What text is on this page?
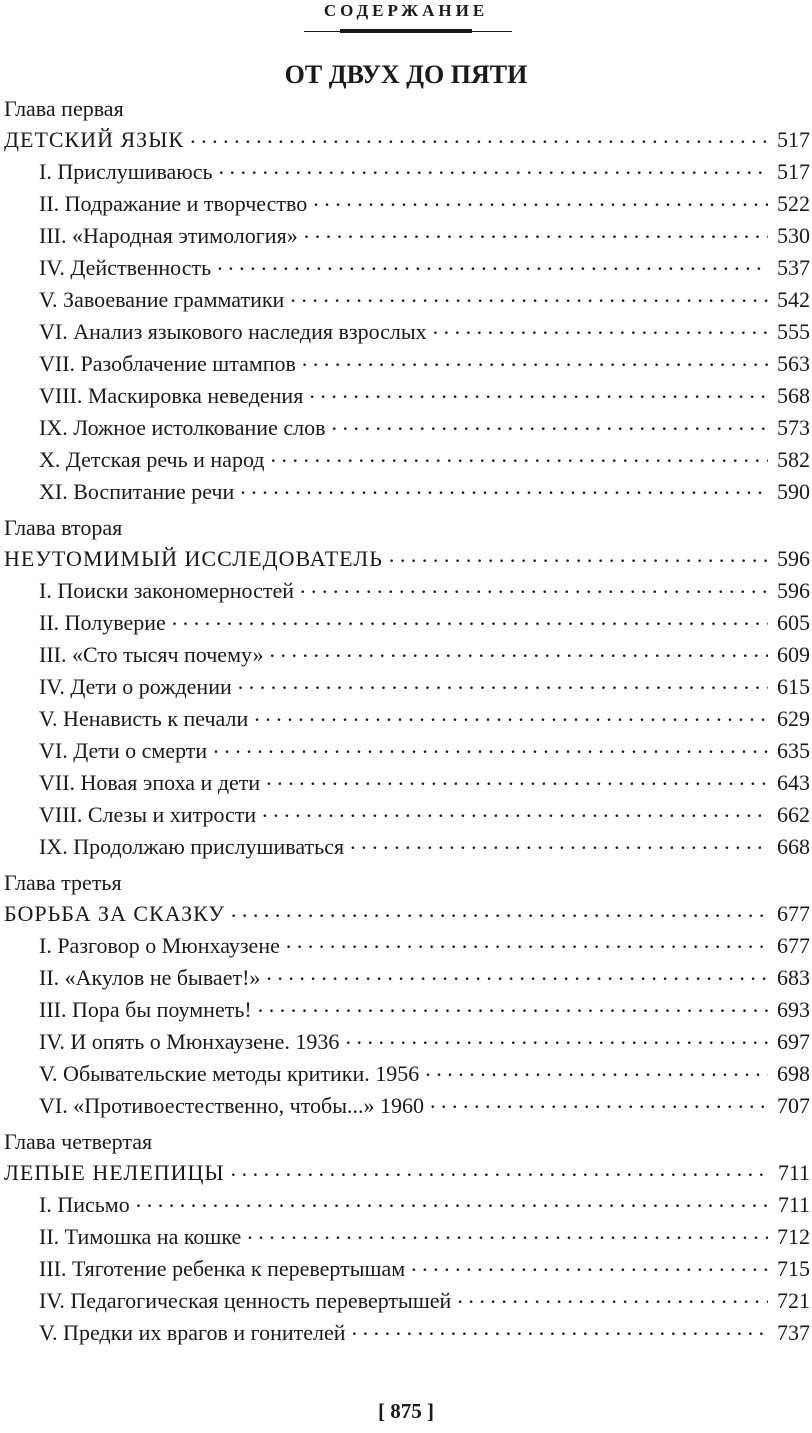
СОДЕРЖАНИЕ
ОТ ДВУХ ДО ПЯТИ
Глава первая
ДЕТСКИЙ ЯЗЫК . . .	517
I. Прислушиваюсь . . .	517
II. Подражание и творчество . . .	522
III. «Народная этимология» . . .	530
IV. Действенность . . .	537
V. Завоевание грамматики . . .	542
VI. Анализ языкового наследия взрослых . . .	555
VII. Разоблачение штампов . . .	563
VIII. Маскировка неведения . . .	568
IX. Ложное истолкование слов . . .	573
X. Детская речь и народ . . .	582
XI. Воспитание речи . . .	590
Глава вторая
НЕУТОМИМЫЙ ИССЛЕДОВАТЕЛЬ . . .	596
I. Поиски закономерностей . . .	596
II. Полуверие . . .	605
III. «Сто тысяч почему» . . .	609
IV. Дети о рождении . . .	615
V. Ненависть к печали . . .	629
VI. Дети о смерти . . .	635
VII. Новая эпоха и дети . . .	643
VIII. Слезы и хитрости . . .	662
IX. Продолжаю прислушиваться . . .	668
Глава третья
БОРЬБА ЗА СКАЗКУ . . .	677
I. Разговор о Мюнхаузене . . .	677
II. «Акулов не бывает!» . . .	683
III. Пора бы поумнеть! . . .	693
IV. И опять о Мюнхаузене. 1936 . . .	697
V. Обывательские методы критики. 1956 . . .	698
VI. «Противоестественно, чтобы...» 1960 . . .	707
Глава четвертая
ЛЕПЫЕ НЕЛЕПИЦЫ . . .	711
I. Письмо . . .	711
II. Тимошка на кошке . . .	712
III. Тяготение ребенка к перевертышам . . .	715
IV. Педагогическая ценность перевертышей . . .	721
V. Предки их врагов и гонителей . . .	737
[ 875 ]
